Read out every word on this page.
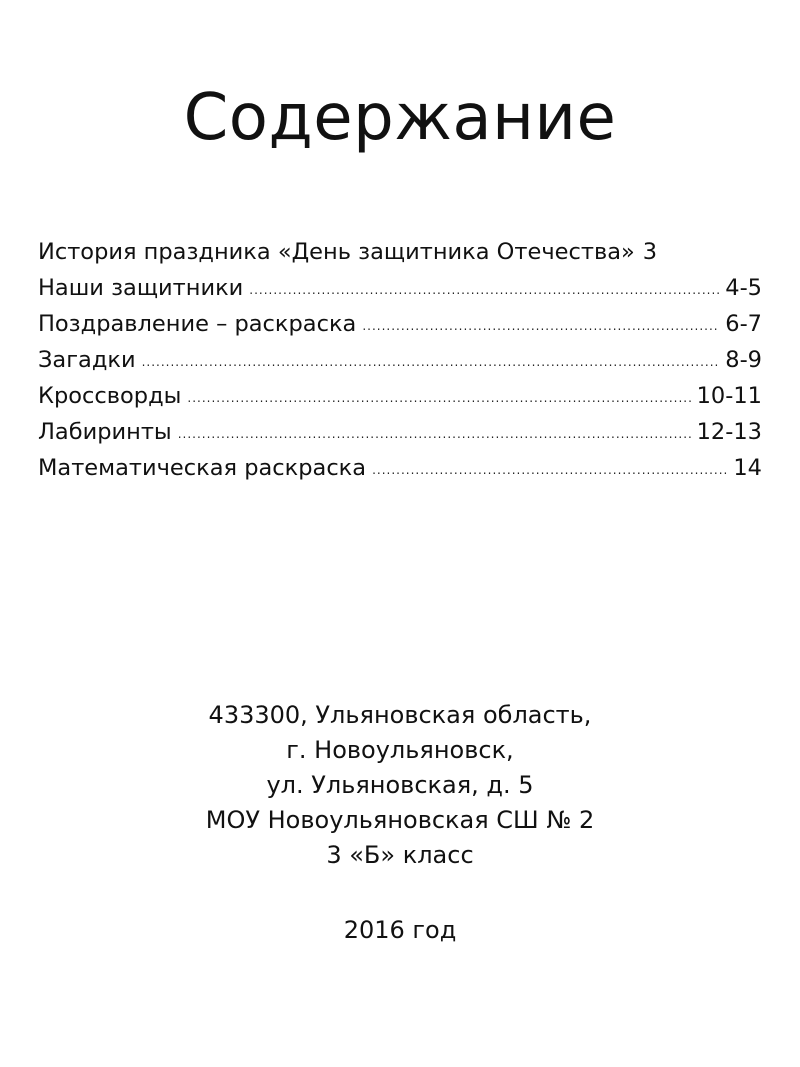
Содержание
История праздника «День защитника Отечества» 3
Наши защитники .....	4-5
Поздравление – раскраска .....	6-7
Загадки .....	8-9
Кроссворды .....	10-11
Лабиринты .....	12-13
Математическая раскраска .....	14
433300, Ульяновская область,
г. Новоульяновск,
ул. Ульяновская, д. 5
МОУ Новоульяновская СШ № 2
3 «Б» класс
2016 год
